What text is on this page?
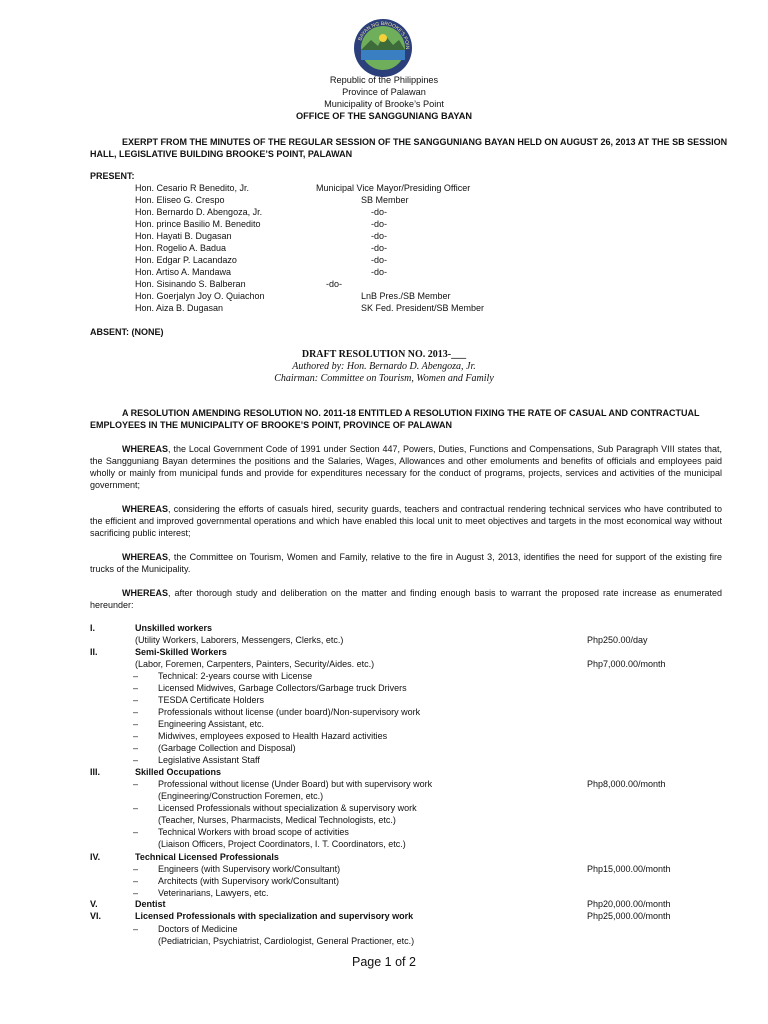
BAYAN NG BROOKE'S POIN
Republic of the Philippines
Province of Palawan
Municipality of Brooke’s Point
OFFICE OF THE SANGGUNIANG BAYAN
EXERPT FROM THE MINUTES OF THE REGULAR SESSION OF THE SANGGUNIANG BAYAN HELD ON AUGUST 26, 2013 AT THE SB SESSION
HALL, LEGISLATIVE BUILDING BROOKE’S POINT, PALAWAN
PRESENT:
Hon. Cesario R Benedito, Jr.	Municipal Vice Mayor/Presiding Officer
Hon. Eliseo G. Crespo	SB Member
Hon. Bernardo D. Abengoza, Jr.	-do-
Hon. prince Basilio M. Benedito	-do-
Hon. Hayati B. Dugasan	-do-
Hon. Rogelio A. Badua	-do-
Hon. Edgar P. Lacandazo	-do-
Hon. Artiso A. Mandawa	-do-
Hon. Sisinando S. Balberan	-do-
Hon. Goerjalyn Joy O. Quiachon	LnB Pres./SB Member
Hon. Aiza B. Dugasan	SK Fed. President/SB Member
ABSENT: (NONE)
DRAFT RESOLUTION NO. 2013-___
Authored by: Hon. Bernardo D. Abengoza, Jr.
Chairman: Committee on Tourism, Women and Family
A RESOLUTION AMENDING RESOLUTION NO. 2011-18 ENTITLED A RESOLUTION FIXING THE RATE OF CASUAL AND CONTRACTUAL
EMPLOYEES IN THE MUNICIPALITY OF BROOKE’S POINT, PROVINCE OF PALAWAN
WHEREAS, the Local Government Code of 1991 under Section 447, Powers, Duties, Functions and Compensations, Sub Paragraph VIII states that, the Sangguniang Bayan determines the positions and the Salaries, Wages, Allowances and other emoluments and benefits of officials and employees paid wholly or mainly from municipal funds and provide for expenditures necessary for the conduct of programs, projects, services and activities of the municipal government;
WHEREAS, considering the efforts of casuals hired, security guards, teachers and contractual rendering technical services who have contributed to the efficient and improved governmental operations and which have enabled this local unit to meet objectives and targets in the most economical way without sacrificing public interest;
WHEREAS, the Committee on Tourism, Women and Family, relative to the fire in August 3, 2013, identifies the need for support of the existing fire trucks of the Municipality.
WHEREAS, after thorough study and deliberation on the matter and finding enough basis to warrant the proposed rate increase as enumerated hereunder:
I.	Unskilled workers
(Utility Workers, Laborers, Messengers, Clerks, etc.)	Php250.00/day
II.	Semi-Skilled Workers
(Labor, Foremen, Carpenters, Painters, Security/Aides. etc.)	Php7,000.00/month
– Technical: 2-years course with License
– Licensed Midwives, Garbage Collectors/Garbage truck Drivers
– TESDA Certificate Holders
– Professionals without license (under board)/Non-supervisory work
– Engineering Assistant, etc.
– Midwives, employees exposed to Health Hazard activities
– (Garbage Collection and Disposal)
– Legislative Assistant Staff
III.	Skilled Occupations
– Professional without license (Under Board) but with supervisory work	Php8,000.00/month
(Engineering/Construction Foremen, etc.)
– Licensed Professionals without specialization & supervisory work
(Teacher, Nurses, Pharmacists, Medical Technologists, etc.)
– Technical Workers with broad scope of activities
(Liaison Officers, Project Coordinators, I. T. Coordinators, etc.)
IV.	Technical Licensed Professionals
– Engineers (with Supervisory work/Consultant)	Php15,000.00/month
– Architects (with Supervisory work/Consultant)
– Veterinarians, Lawyers, etc.
V.	Dentist	Php20,000.00/month
VI.	Licensed Professionals with specialization and supervisory work	Php25,000.00/month
– Doctors of Medicine
(Pediatrician, Psychiatrist, Cardiologist, General Practioner, etc.)
Page 1 of 2
